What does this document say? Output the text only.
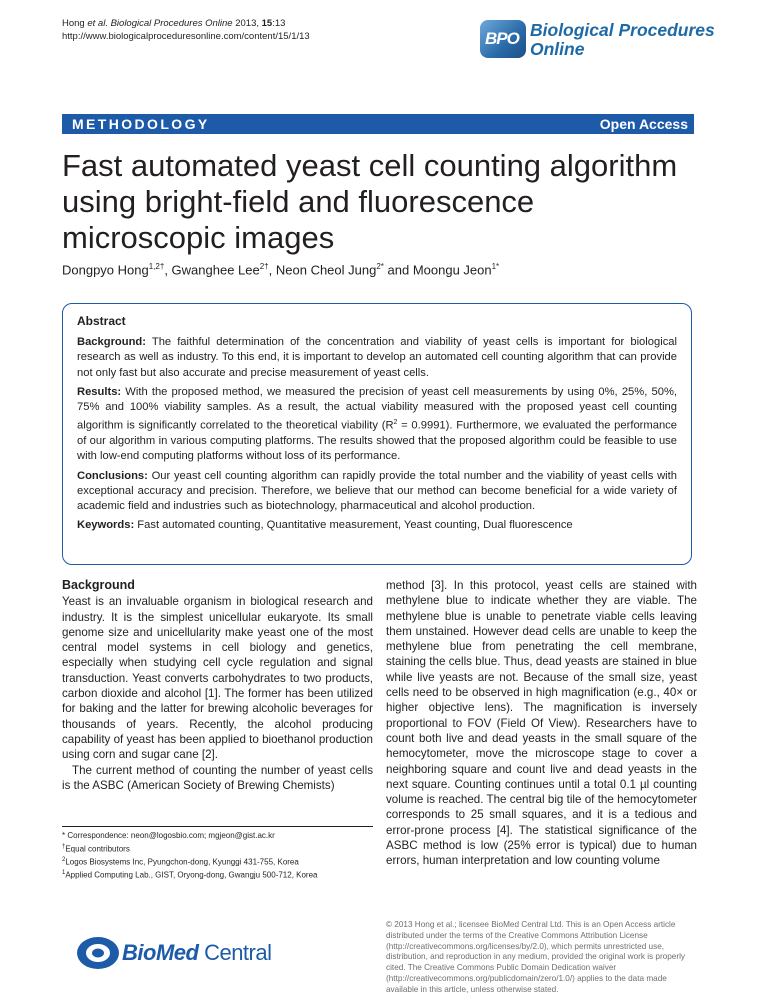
Hong et al. Biological Procedures Online 2013, 15:13
http://www.biologicalproceduresonline.com/content/15/1/13	BPO Biological Procedures
Online
METHODOLOGY	Open Access
Fast automated yeast cell counting algorithm using bright-field and fluorescence microscopic images
Dongpyo Hong$^{1,2\dagger}$, Gwanghee Lee$^{2\dagger}$, Neon Cheol Jung$^{2*}$ and Moongu Jeon$^{1*}$
Abstract

Background: The faithful determination of the concentration and viability of yeast cells is important for biological research as well as industry. To this end, it is important to develop an automated cell counting algorithm that can provide not only fast but also accurate and precise measurement of yeast cells.

Results: With the proposed method, we measured the precision of yeast cell measurements by using 0%, 25%, 50%, 75% and 100% viability samples. As a result, the actual viability measured with the proposed yeast cell counting algorithm is significantly correlated to the theoretical viability $(R^2 = 0.9991)$. Furthermore, we evaluated the performance of our algorithm in various computing platforms. The results showed that the proposed algorithm could be feasible to use with low-end computing platforms without loss of its performance.

Conclusions: Our yeast cell counting algorithm can rapidly provide the total number and the viability of yeast cells with exceptional accuracy and precision. Therefore, we believe that our method can become beneficial for a wide variety of academic field and industries such as biotechnology, pharmaceutical and alcohol production.

Keywords: Fast automated counting, Quantitative measurement, Yeast counting, Dual fluorescence

Background

Yeast is an invaluable organism in biological research and industry. It is the simplest unicellular eukaryote. Its small genome size and unicellularity make yeast one of the most central model systems in cell biology and genetics, especially when studying cell cycle regulation and signal transduction. Yeast converts carbohydrates to two products, carbon dioxide and alcohol [1]. The former has been utilized for baking and the latter for brewing alcoholic beverages for thousands of years. Recently, the alcohol producing capability of yeast has been applied to bioethanol production using corn and sugar cane [2].

The current method of counting the number of yeast cells is the ASBC (American Society of Brewing Chemists)

method [3]. In this protocol, yeast cells are stained with methylene blue to indicate whether they are viable. The methylene blue is unable to penetrate viable cells leaving them unstained. However dead cells are unable to keep the methylene blue from penetrating the cell membrane, staining the cells blue. Thus, dead yeasts are stained in blue while live yeasts are not. Because of the small size, yeast cells need to be observed in high magnification (e.g., 40× or higher objective lens). The magnification is inversely proportional to FOV (Field Of View). Researchers have to count both live and dead yeasts in the small square of the hemocytometer, move the microscope stage to cover a neighboring square and count live and dead yeasts in the next square. Counting continues until a total 0.1 µl counting volume is reached. The central big tile of the hemocytometer corresponds to 25 small squares, and it is a tedious and error-prone process [4]. The statistical significance of the ASBC method is low (25% error is typical) due to human errors, human interpretation and low counting volume

* Correspondence: neon@logosbio.com; mgjeon@gist.ac.kr
†Equal contributors
$^2$Logos Biosystems Inc, Pyungchon-dong, Kyunggi 431-755, Korea
$^1$Applied Computing Lab., GIST, Oryong-dong, Gwangju 500-712, Korea
BioMed Central
© 2013 Hong et al.; licensee BioMed Central Ltd. This is an Open Access article distributed under the terms of the Creative Commons Attribution License (http://creativecommons.org/licenses/by/2.0), which permits unrestricted use, distribution, and reproduction in any medium, provided the original work is properly cited. The Creative Commons Public Domain Dedication waiver (http://creativecommons.org/publicdomain/zero/1.0/) applies to the data made available in this article, unless otherwise stated.
